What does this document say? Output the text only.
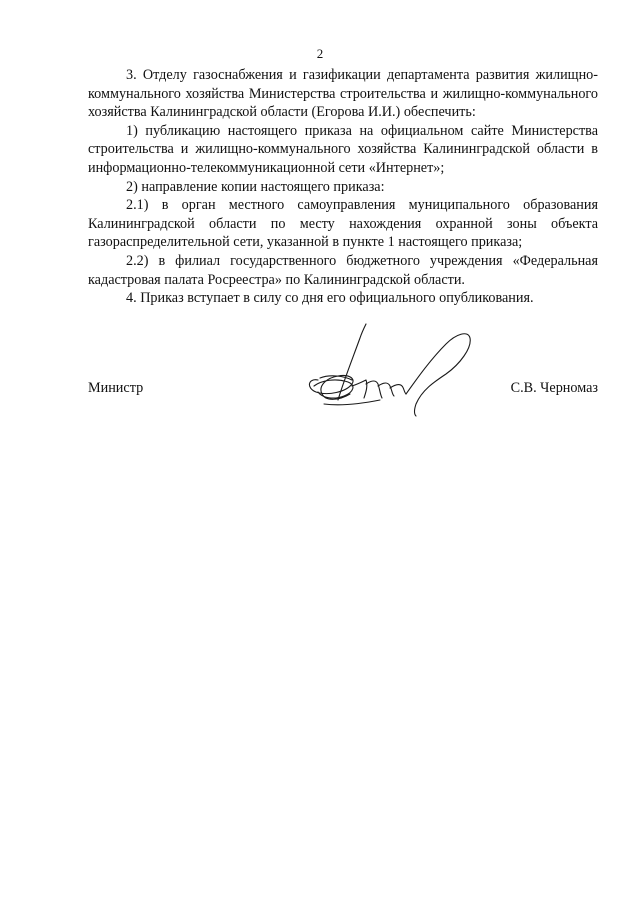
2

3. Отделу газоснабжения и газификации департамента развития жилищно-коммунального хозяйства Министерства строительства и жилищно-коммунального хозяйства Калининградской области (Егорова И.И.) обеспечить:

1) публикацию настоящего приказа на официальном сайте Министерства строительства и жилищно-коммунального хозяйства Калининградской области в информационно-телекоммуникационной сети «Интернет»;

2) направление копии настоящего приказа:

2.1) в орган местного самоуправления муниципального образования Калининградской области по месту нахождения охранной зоны объекта газораспределительной сети, указанной в пункте 1 настоящего приказа;

2.2) в филиал государственного бюджетного учреждения «Федеральная кадастровая палата Росреестра» по Калининградской области.

4. Приказ вступает в силу со дня его официального опубликования.

Министр	С.В. Черномаз
